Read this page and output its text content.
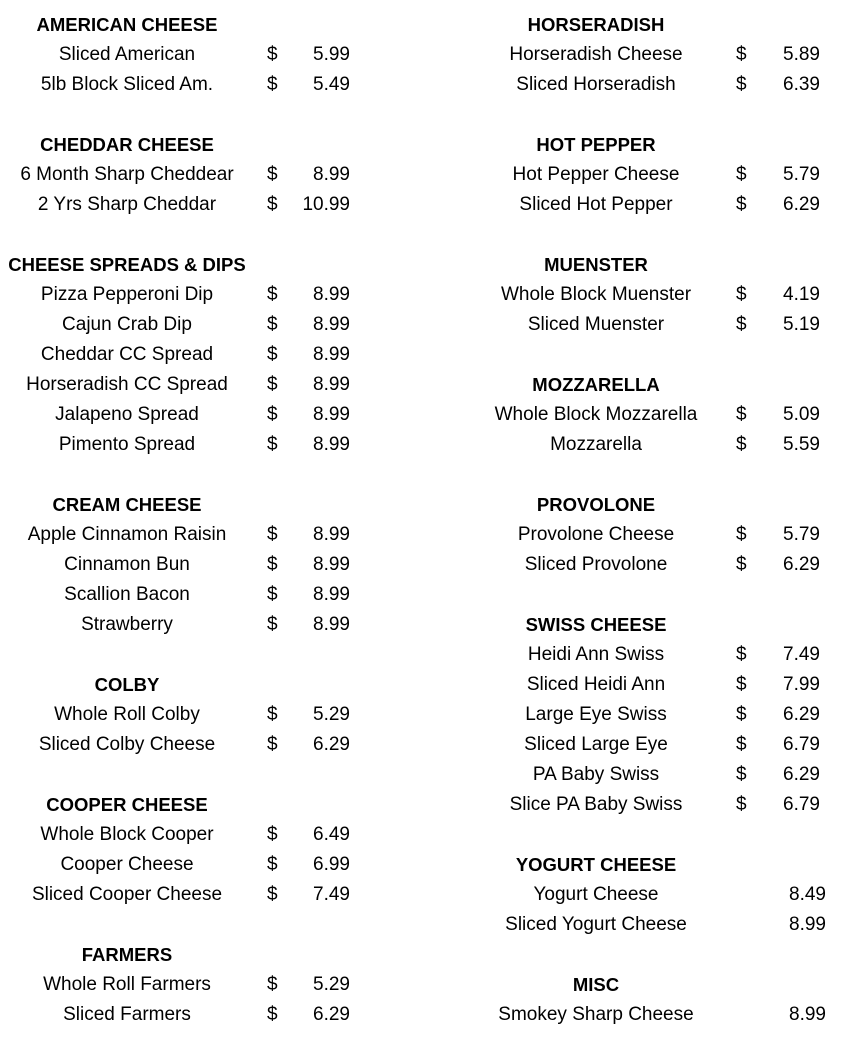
AMERICAN CHEESE
Sliced American	$	5.99
5lb Block Sliced Am.	$	5.49
CHEDDAR CHEESE
6 Month Sharp Cheddear	$	8.99
2 Yrs Sharp Cheddar	$	10.99
CHEESE SPREADS & DIPS
Pizza Pepperoni Dip	$	8.99
Cajun Crab Dip	$	8.99
Cheddar CC Spread	$	8.99
Horseradish CC Spread	$	8.99
Jalapeno Spread	$	8.99
Pimento Spread	$	8.99
CREAM CHEESE
Apple Cinnamon Raisin	$	8.99
Cinnamon Bun	$	8.99
Scallion Bacon	$	8.99
Strawberry	$	8.99
COLBY
Whole Roll Colby	$	5.29
Sliced Colby Cheese	$	6.29
COOPER CHEESE
Whole Block Cooper	$	6.49
Cooper Cheese	$	6.99
Sliced Cooper Cheese	$	7.49
FARMERS
Whole Roll Farmers	$	5.29
Sliced Farmers	$	6.29
HORSERADISH
Horseradish Cheese	$	5.89
Sliced Horseradish	$	6.39
HOT PEPPER
Hot Pepper Cheese	$	5.79
Sliced Hot Pepper	$	6.29
MUENSTER
Whole Block Muenster	$	4.19
Sliced Muenster	$	5.19
MOZZARELLA
Whole Block Mozzarella	$	5.09
Mozzarella	$	5.59
PROVOLONE
Provolone Cheese	$	5.79
Sliced Provolone	$	6.29
SWISS CHEESE
Heidi Ann Swiss	$	7.49
Sliced Heidi Ann	$	7.99
Large Eye Swiss	$	6.29
Sliced Large Eye	$	6.79
PA Baby Swiss	$	6.29
Slice PA Baby Swiss	$	6.79
YOGURT CHEESE
Yogurt Cheese	8.49
Sliced Yogurt Cheese	8.99
MISC
Smokey Sharp Cheese	8.99
